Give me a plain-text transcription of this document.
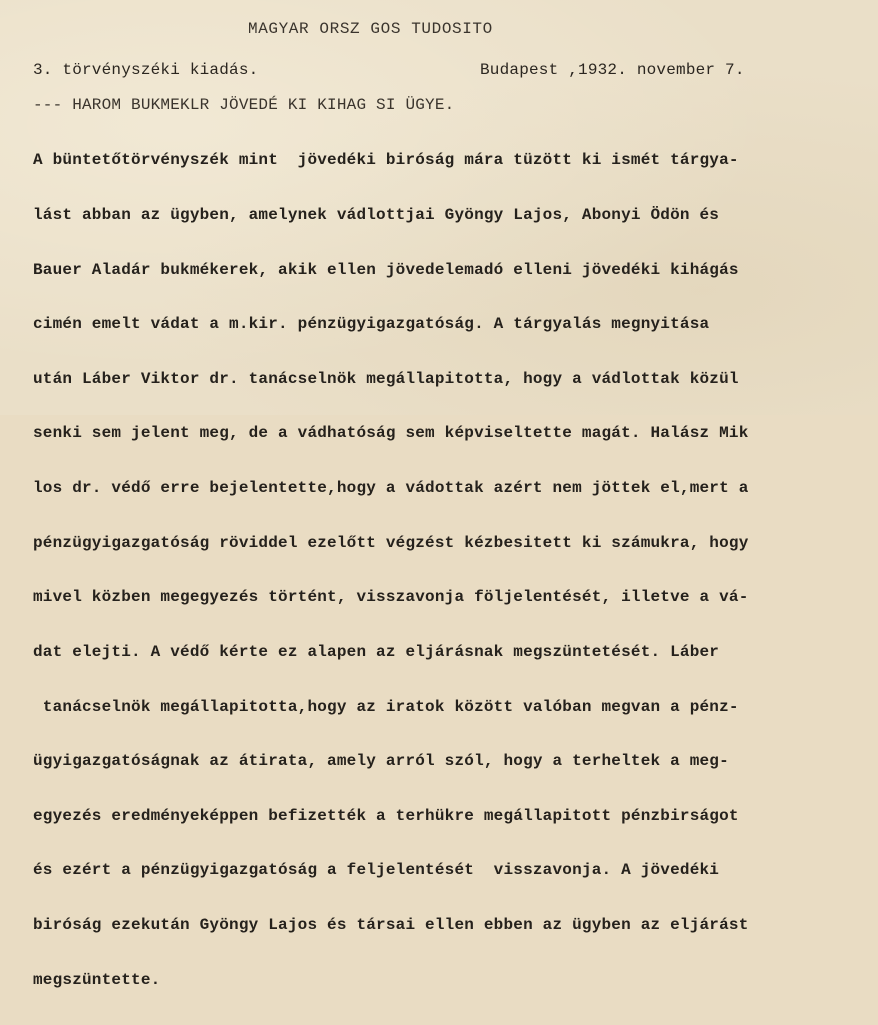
MAGYAR ORSZ GOS TUDOSITO
3. törvényszéki kiadás.	Budapest ,1932. november 7.
--- HAROM BUKMEKLR JÖVEDÉ KI KIHAG SI ÜGYE.

A büntetőtörvényszék mint  jövedéki biróság mára tüzött ki ismét tárgya-

lást abban az ügyben, amelynek vádlottjai Gyöngy Lajos, Abonyi Ödön és

Bauer Aladár bukmékerek, akik ellen jövedelemadó elleni jövedéki kihágás

cimén emelt vádat a m.kir. pénzügyigazgatóság. A tárgyalás megnyitása

után Láber Viktor dr. tanácselnök megállapitotta, hogy a vádlottak közül

senki sem jelent meg, de a vádhatóság sem képviseltette magát. Halász Mik

los dr. védő erre bejelentette,hogy a vádottak azért nem jöttek el,mert a

pénzügyigazgatóság röviddel ezelőtt végzést kézbesitett ki számukra, hogy

mivel közben megegyezés történt, visszavonja följelentését, illetve a vá-

dat elejti. A védő kérte ez alapen az eljárásnak megszüntetését. Láber

tanácselnök megállapitotta,hogy az iratok között valóban megvan a pénz-

ügyigazgatóságnak az átirata, amely arról szól, hogy a terheltek a meg-

egyezés eredményeképpen befizették a terhükre megállapitott pénzbirságot

és ezért a pénzügyigazgatóság a feljelentését  visszavonja. A jövedéki

biróság ezekután Gyöngy Lajos és társai ellen ebben az ügyben az eljárást

megszüntette.
